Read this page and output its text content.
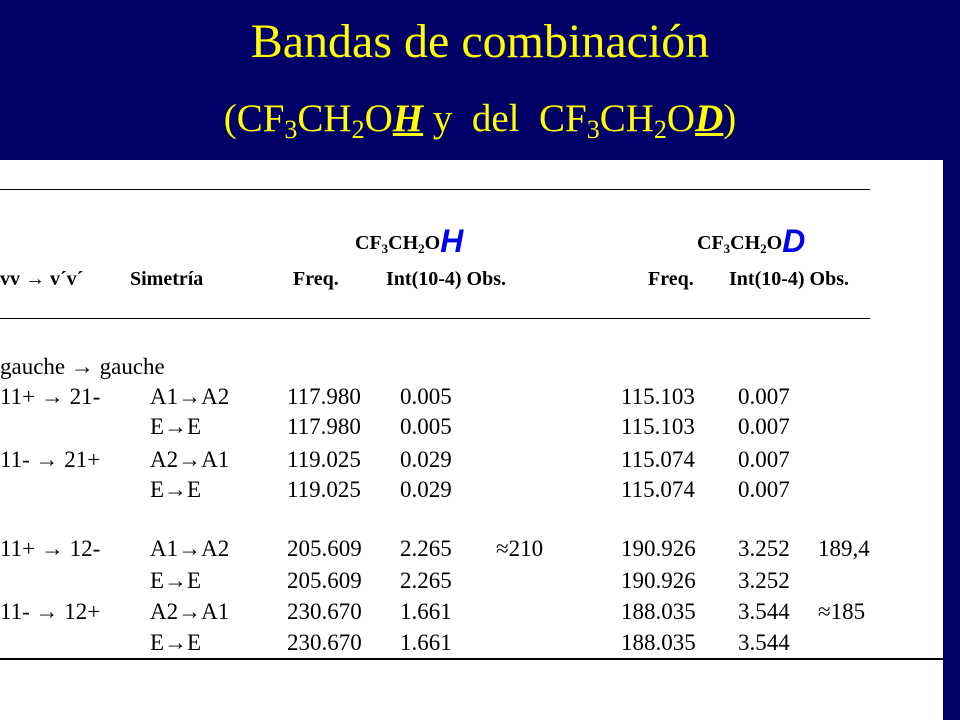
Bandas de combinación
($CF_3CH_2OH$ y  del  $CF_3CH_2OD$)
$CF_3CH_2OH$	$CF_3CH_2OD$
vv → v´v´ Simetría	Freq. Int(10-4) Obs.	Freq. Int(10-4) Obs.
gauche → gauche
11+ → 21- A1→A2	117.980 0.005	115.103 0.007
E→E	117.980 0.005	115.103 0.007
11- → 21+ A2→A1	119.025 0.029	115.074 0.007
E→E	119.025 0.029	115.074 0.007
11+ → 12- A1→A2	205.609 2.265 ≈210	190.926 3.252 189,4
E→E	205.609 2.265	190.926 3.252
11- → 12+ A2→A1	230.670 1.661	188.035 3.544 ≈185
E→E	230.670 1.661	188.035 3.544
